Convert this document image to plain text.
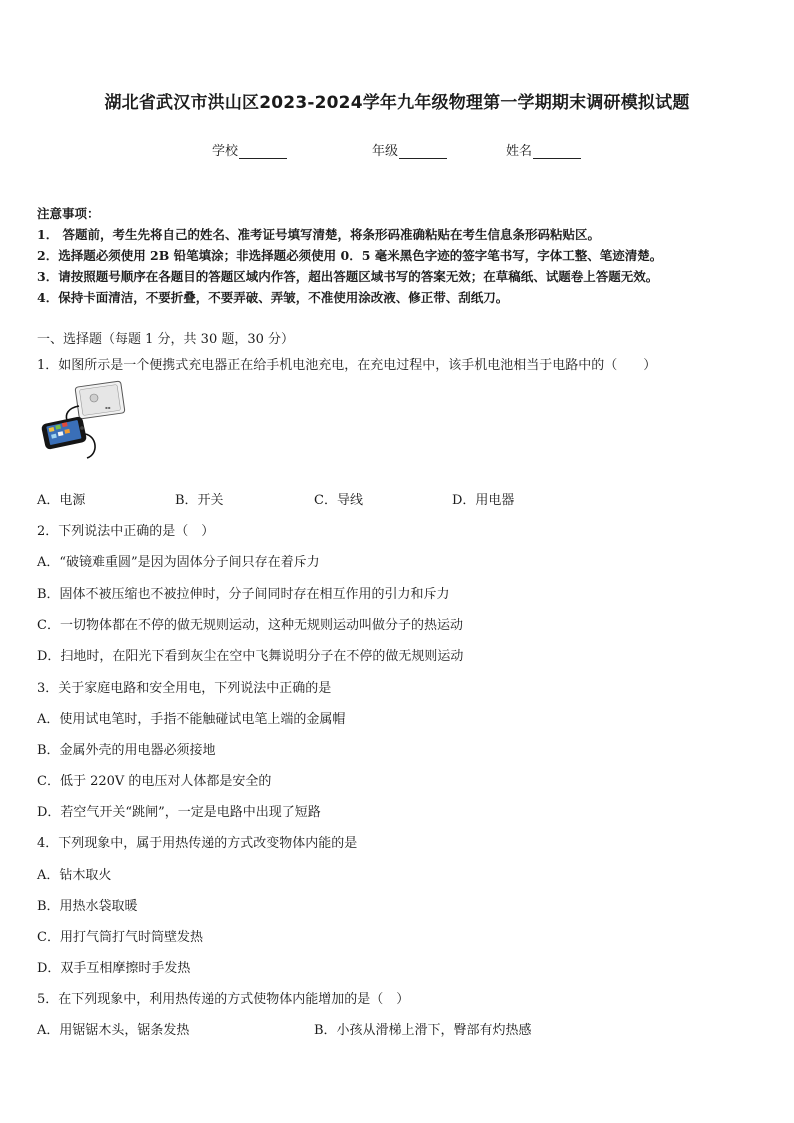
湖北省武汉市洪山区2023-2024学年九年级物理第一学期期末调研模拟试题
学校	年级	姓名
注意事项：
1． 答题前，考生先将自己的姓名、准考证号填写清楚，将条形码准确粘贴在考生信息条形码粘贴区。
2．选择题必须使用 2B 铅笔填涂；非选择题必须使用 0．5 毫米黑色字迹的签字笔书写，字体工整、笔迹清楚。
3．请按照题号顺序在各题目的答题区域内作答，超出答题区域书写的答案无效；在草稿纸、试题卷上答题无效。
4．保持卡面清洁，不要折叠，不要弄破、弄皱，不准使用涂改液、修正带、刮纸刀。
一、选择题（每题 1 分，共 30 题，30 分）
1．如图所示是一个便携式充电器正在给手机电池充电，在充电过程中，该手机电池相当于电路中的（　　）
▪▪
A．电源	B．开关	C．导线	D．用电器
2．下列说法中正确的是（　）
A．“破镜难重圆”是因为固体分子间只存在着斥力
B．固体不被压缩也不被拉伸时，分子间同时存在相互作用的引力和斥力
C．一切物体都在不停的做无规则运动，这种无规则运动叫做分子的热运动
D．扫地时，在阳光下看到灰尘在空中飞舞说明分子在不停的做无规则运动
3．关于家庭电路和安全用电，下列说法中正确的是
A．使用试电笔时，手指不能触碰试电笔上端的金属帽
B．金属外壳的用电器必须接地
C．低于 220V 的电压对人体都是安全的
D．若空气开关“跳闸”，一定是电路中出现了短路
4．下列现象中，属于用热传递的方式改变物体内能的是
A．钻木取火
B．用热水袋取暖
C．用打气筒打气时筒壁发热
D．双手互相摩擦时手发热
5．在下列现象中，利用热传递的方式使物体内能增加的是（　）
A．用锯锯木头，锯条发热	B．小孩从滑梯上滑下，臀部有灼热感
